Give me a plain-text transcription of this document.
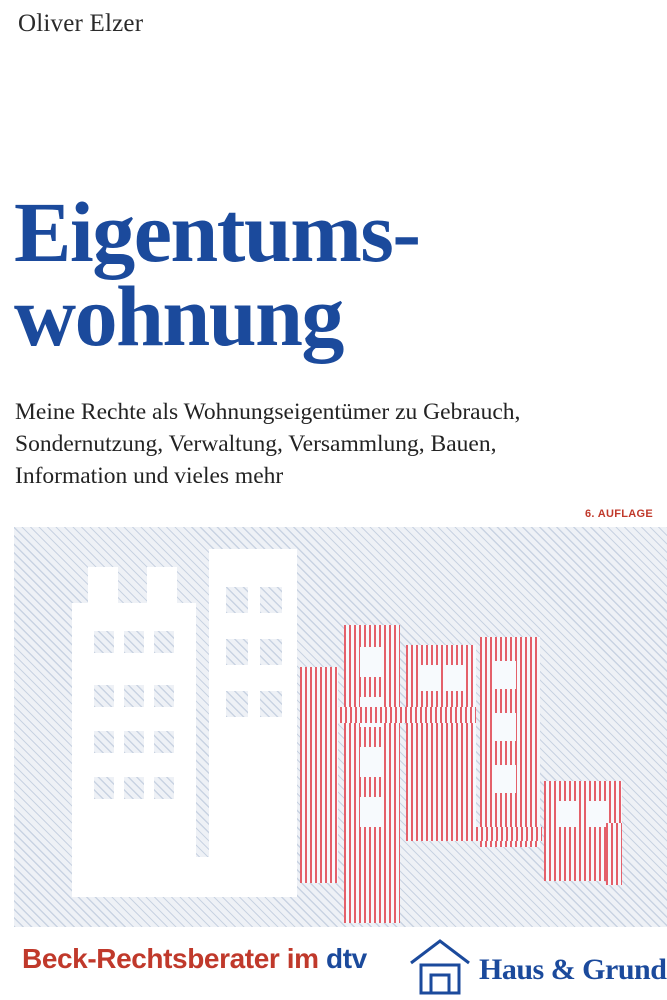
Oliver Elzer
Eigentums-
wohnung
Meine Rechte als Wohnungseigentümer zu Gebrauch,
Sondernutzung, Verwaltung, Versammlung, Bauen,
Information und vieles mehr
6. AUFLAGE
Beck-Rechtsberater im dtv	Haus & Grund
